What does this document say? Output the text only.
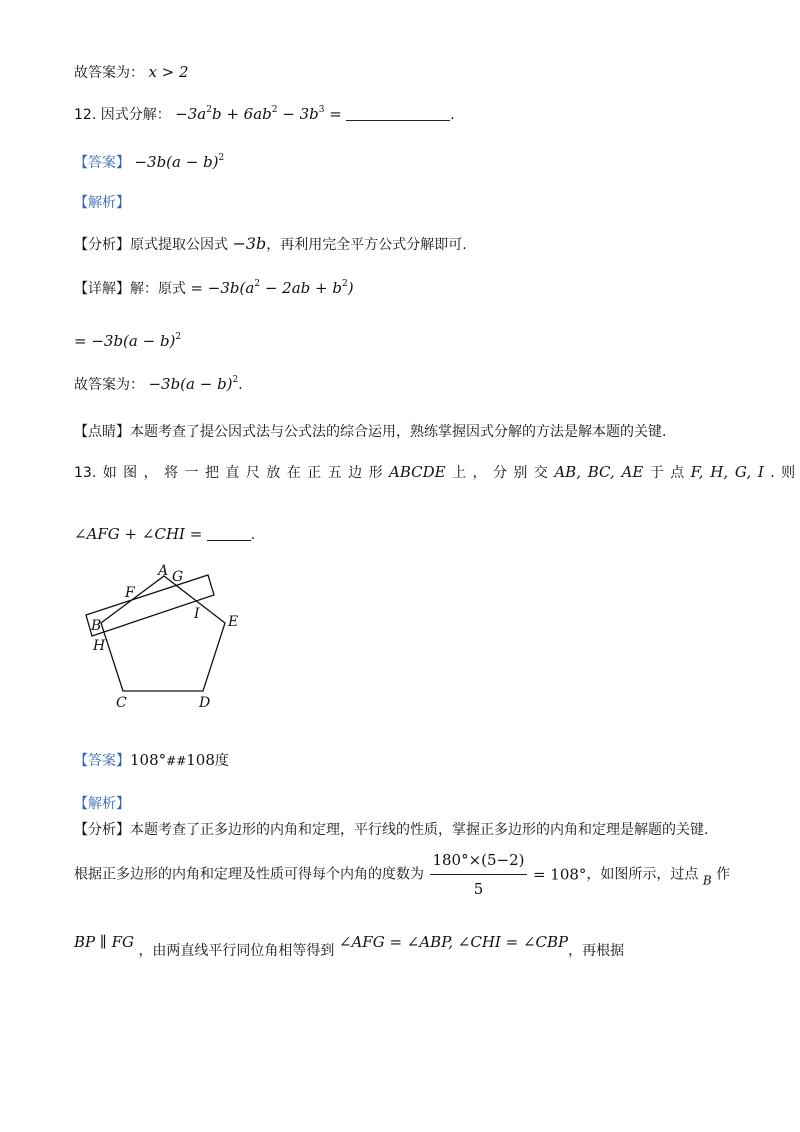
故答案为： x > 2
12. 因式分解： $-3a^2b + 6ab^2 - 3b^3$ =	.
【答案】 $-3b(a - b)^2$
【解析】
【分析】原式提取公因式 −3b，再利用完全平方公式分解即可.
【详解】解：原式 = $-3b(a^2 - 2ab + b^2)$
= $-3b(a - b)^2$
故答案为： $-3b(a - b)^2$.
【点睛】本题考查了提公因式法与公式法的综合运用，熟练掌握因式分解的方法是解本题的关键.
13. 如 图 ， 将 一 把 直 尺 放 在 正 五 边 形 ABCDE 上 ， 分 别 交 AB, BC, AE 于 点 F, H, G, I . 则
∠AFG + ∠CHI =	.
A G
F
B
I E
H
C	D
【答案】108°##108度
【解析】
【分析】本题考查了正多边形的内角和定理，平行线的性质，掌握正多边形的内角和定理是解题的关键.
根据正多边形的内角和定理及性质可得每个内角的度数为 $\frac{180^\circ\times(5-2)}{5} = 108^\circ$，如图所示，过点 B 作
BP ∥ FG ，由两直线平行同位角相等得到 ∠AFG = ∠ABP, ∠CHI = ∠CBP，再根据
